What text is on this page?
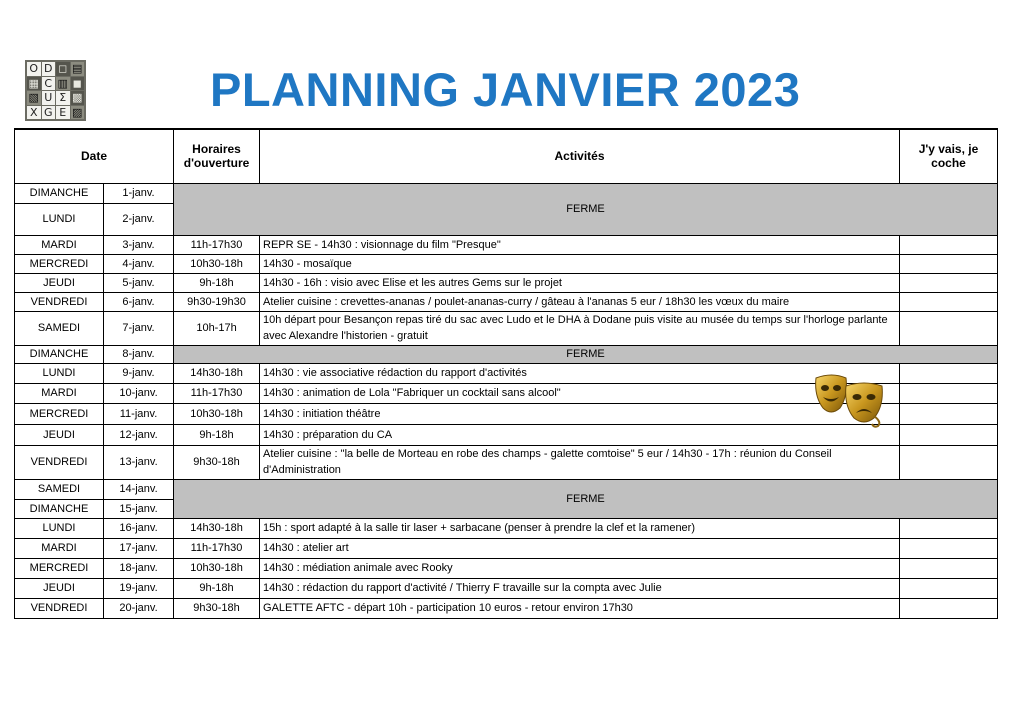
O D ◻ ▤
▦ C ▥ ◼
▧ U Σ ▩
X G E ▨	PLANNING JANVIER 2023
Date		Horaires d'ouverture	Activités	J'y vais, je coche
DIMANCHE	1-janv.	FERME		
LUNDI	2-janv.			
MARDI	3-janv.	11h-17h30	REPR SE - 14h30 : visionnage du film "Presque"	
MERCREDI	4-janv.	10h30-18h	14h30 - mosaïque	
JEUDI	5-janv.	9h-18h	14h30 - 16h : visio avec Elise et les autres Gems sur le projet	
VENDREDI	6-janv.	9h30-19h30	Atelier cuisine : crevettes-ananas / poulet-ananas-curry / gâteau à l'ananas 5 eur / 18h30 les vœux du maire	
SAMEDI	7-janv.	10h-17h	10h départ pour Besançon repas tiré du sac avec Ludo et le DHA à Dodane puis visite au musée du temps sur l'horloge parlante avec Alexandre l'historien - gratuit	
DIMANCHE	8-janv.	FERME		
LUNDI	9-janv.	14h30-18h	14h30 : vie associative rédaction du rapport d'activités	
MARDI	10-janv.	11h-17h30	14h30 : animation de Lola "Fabriquer un cocktail sans alcool"	
MERCREDI	11-janv.	10h30-18h	14h30 : initiation théâtre	
JEUDI	12-janv.	9h-18h	14h30 : préparation du CA	
VENDREDI	13-janv.	9h30-18h	Atelier cuisine : "la belle de Morteau en robe des champs - galette comtoise" 5 eur / 14h30 - 17h : réunion du Conseil d'Administration	
SAMEDI	14-janv.	FERME		
DIMANCHE	15-janv.			
LUNDI	16-janv.	14h30-18h	15h : sport adapté à la salle tir laser + sarbacane (penser à prendre la clef et la ramener)	
MARDI	17-janv.	11h-17h30	14h30 : atelier art	
MERCREDI	18-janv.	10h30-18h	14h30 : médiation animale avec Rooky	
JEUDI	19-janv.	9h-18h	14h30 : rédaction du rapport d'activité / Thierry F travaille sur la compta avec Julie	
VENDREDI	20-janv.	9h30-18h	GALETTE AFTC - départ 10h - participation 10 euros - retour environ 17h30	
